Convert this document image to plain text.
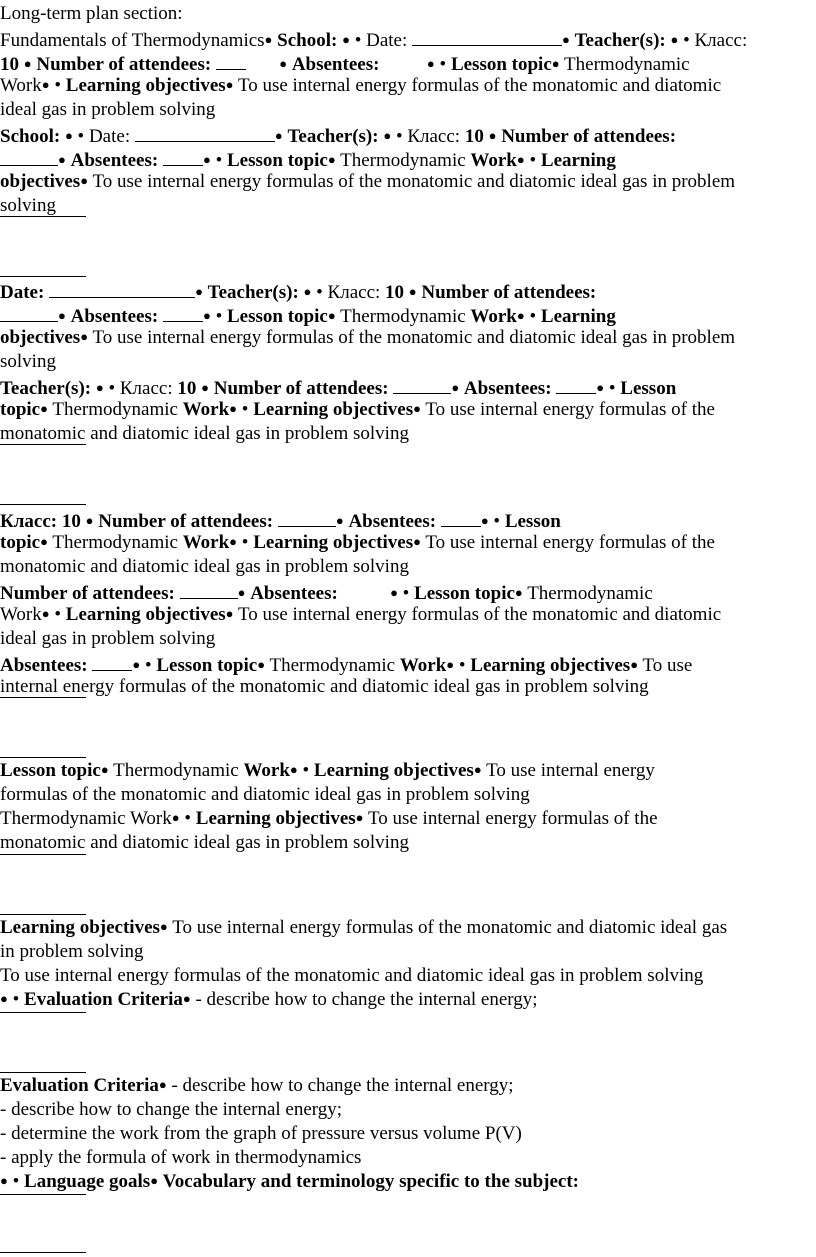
Long-term plan section:
Fundamentals of Thermodynamics● School: ● • Date:	● Teacher(s): ● • Класс:
10 ● Number of attendees:	● Absentees:	● • Lesson topic● Thermodynamic
Work● • Learning objectives● To use internal energy formulas of the monatomic and diatomic
ideal gas in problem solving
School: ● • Date:	● Teacher(s): ● • Класс: 10 ● Number of attendees:
● Absentees:	● • Lesson topic● Thermodynamic Work● • Learning
objectives● To use internal energy formulas of the monatomic and diatomic ideal gas in problem
solving
Date:	● Teacher(s): ● • Класс: 10 ● Number of attendees:
● Absentees:	● • Lesson topic● Thermodynamic Work● • Learning
objectives● To use internal energy formulas of the monatomic and diatomic ideal gas in problem
solving
Teacher(s): ● • Класс: 10 ● Number of attendees:	● Absentees:	● • Lesson
topic● Thermodynamic Work● • Learning objectives● To use internal energy formulas of the
monatomic and diatomic ideal gas in problem solving
Класс: 10 ● Number of attendees:	● Absentees:	● • Lesson
topic● Thermodynamic Work● • Learning objectives● To use internal energy formulas of the
monatomic and diatomic ideal gas in problem solving
Number of attendees:	● Absentees:	● • Lesson topic● Thermodynamic
Work● • Learning objectives● To use internal energy formulas of the monatomic and diatomic
ideal gas in problem solving
Absentees:	● • Lesson topic● Thermodynamic Work● • Learning objectives● To use
internal energy formulas of the monatomic and diatomic ideal gas in problem solving
Lesson topic● Thermodynamic Work● • Learning objectives● To use internal energy
formulas of the monatomic and diatomic ideal gas in problem solving
Thermodynamic Work● • Learning objectives● To use internal energy formulas of the
monatomic and diatomic ideal gas in problem solving
Learning objectives● To use internal energy formulas of the monatomic and diatomic ideal gas
in problem solving
To use internal energy formulas of the monatomic and diatomic ideal gas in problem solving
● • Evaluation Criteria● - describe how to change the internal energy;
Evaluation Criteria● - describe how to change the internal energy;
- describe how to change the internal energy;
- determine the work from the graph of pressure versus volume P(V)
- apply the formula of work in thermodynamics
● • Language goals● Vocabulary and terminology specific to the subject:
